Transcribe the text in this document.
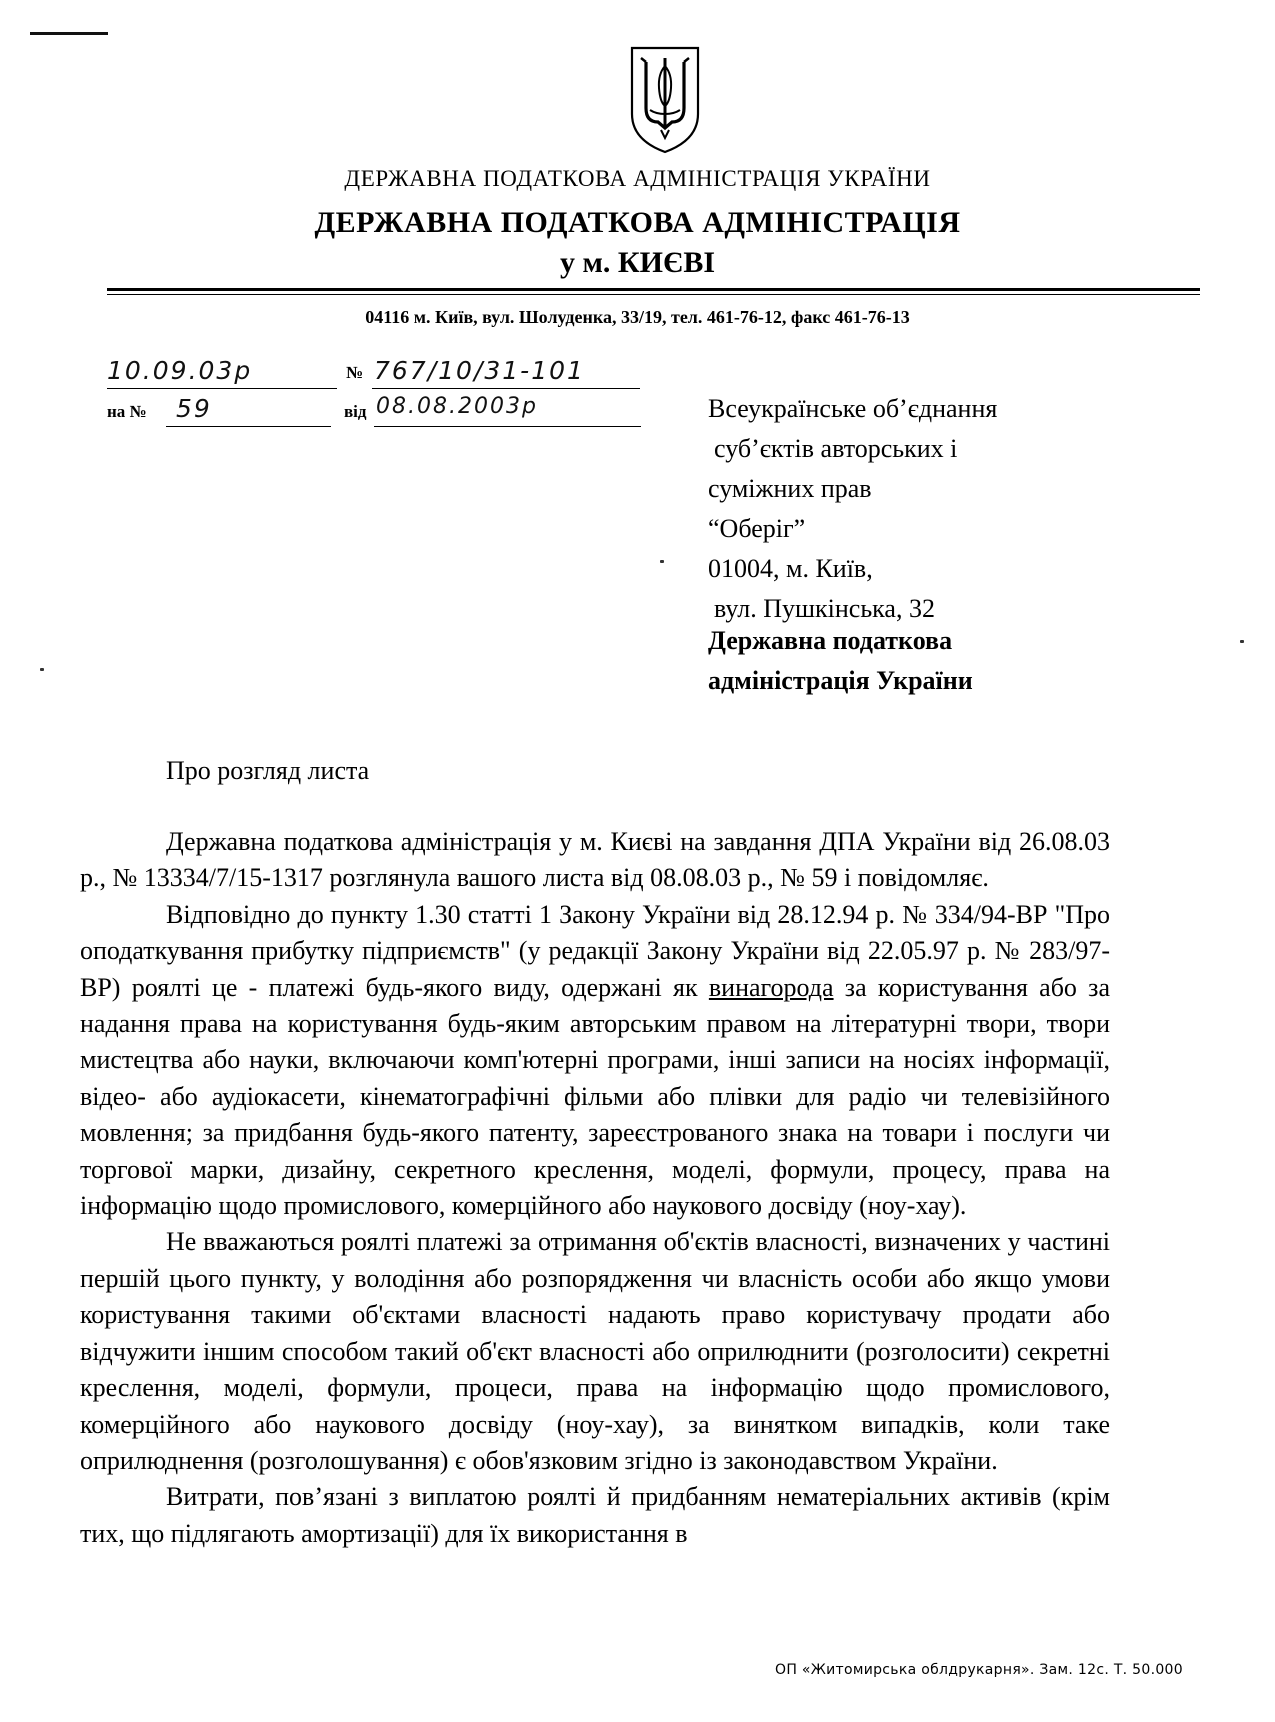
ДЕРЖАВНА ПОДАТКОВА АДМІНІСТРАЦІЯ УКРАЇНИ
ДЕРЖАВНА ПОДАТКОВА АДМІНІСТРАЦІЯ
у м. КИЄВІ
04116 м. Київ, вул. Шолуденка, 33/19, тел. 461-76-12, факс 461-76-13
10.09.03р	№ 767/10/31-101
на № 59	від 08.08.2003р	Всеукраїнське об’єднання
суб’єктів авторських і
суміжних прав
“Оберіг”
01004, м. Київ,
вул. Пушкінська, 32
Державна податкова
адміністрація України
Про розгляд листа

Державна податкова адміністрація у м. Києві на завдання ДПА України від 26.08.03 р., № 13334/7/15-1317 розглянула вашого листа від 08.08.03 р., № 59 і повідомляє.

Відповідно до пункту 1.30 статті 1 Закону України від 28.12.94 р. № 334/94-ВР "Про оподаткування прибутку підприємств" (у редакції Закону України від 22.05.97 р. № 283/97-ВР) роялті це - платежі будь-якого виду, одержані як винагорода за користування або за надання права на користування будь-яким авторським правом на літературні твори, твори мистецтва або науки, включаючи комп'ютерні програми, інші записи на носіях інформації, відео- або аудіокасети, кінематографічні фільми або плівки для радіо чи телевізійного мовлення; за придбання будь-якого патенту, зареєстрованого знака на товари і послуги чи торгової марки, дизайну, секретного креслення, моделі, формули, процесу, права на інформацію щодо промислового, комерційного або наукового досвіду (ноу-хау).

Не вважаються роялті платежі за отримання об'єктів власності, визначених у частині першій цього пункту, у володіння або розпорядження чи власність особи або якщо умови користування такими об'єктами власності надають право користувачу продати або відчужити іншим способом такий об'єкт власності або оприлюднити (розголосити) секретні креслення, моделі, формули, процеси, права на інформацію щодо промислового, комерційного або наукового досвіду (ноу-хау), за винятком випадків, коли таке оприлюднення (розголошування) є обов'язковим згідно із законодавством України.

Витрати, пов’язані з виплатою роялті й придбанням нематеріальних активів (крім тих, що підлягають амортизації) для їх використання в

ОП «Житомирська облдрукарня». Зам. 12с. Т. 50.000
